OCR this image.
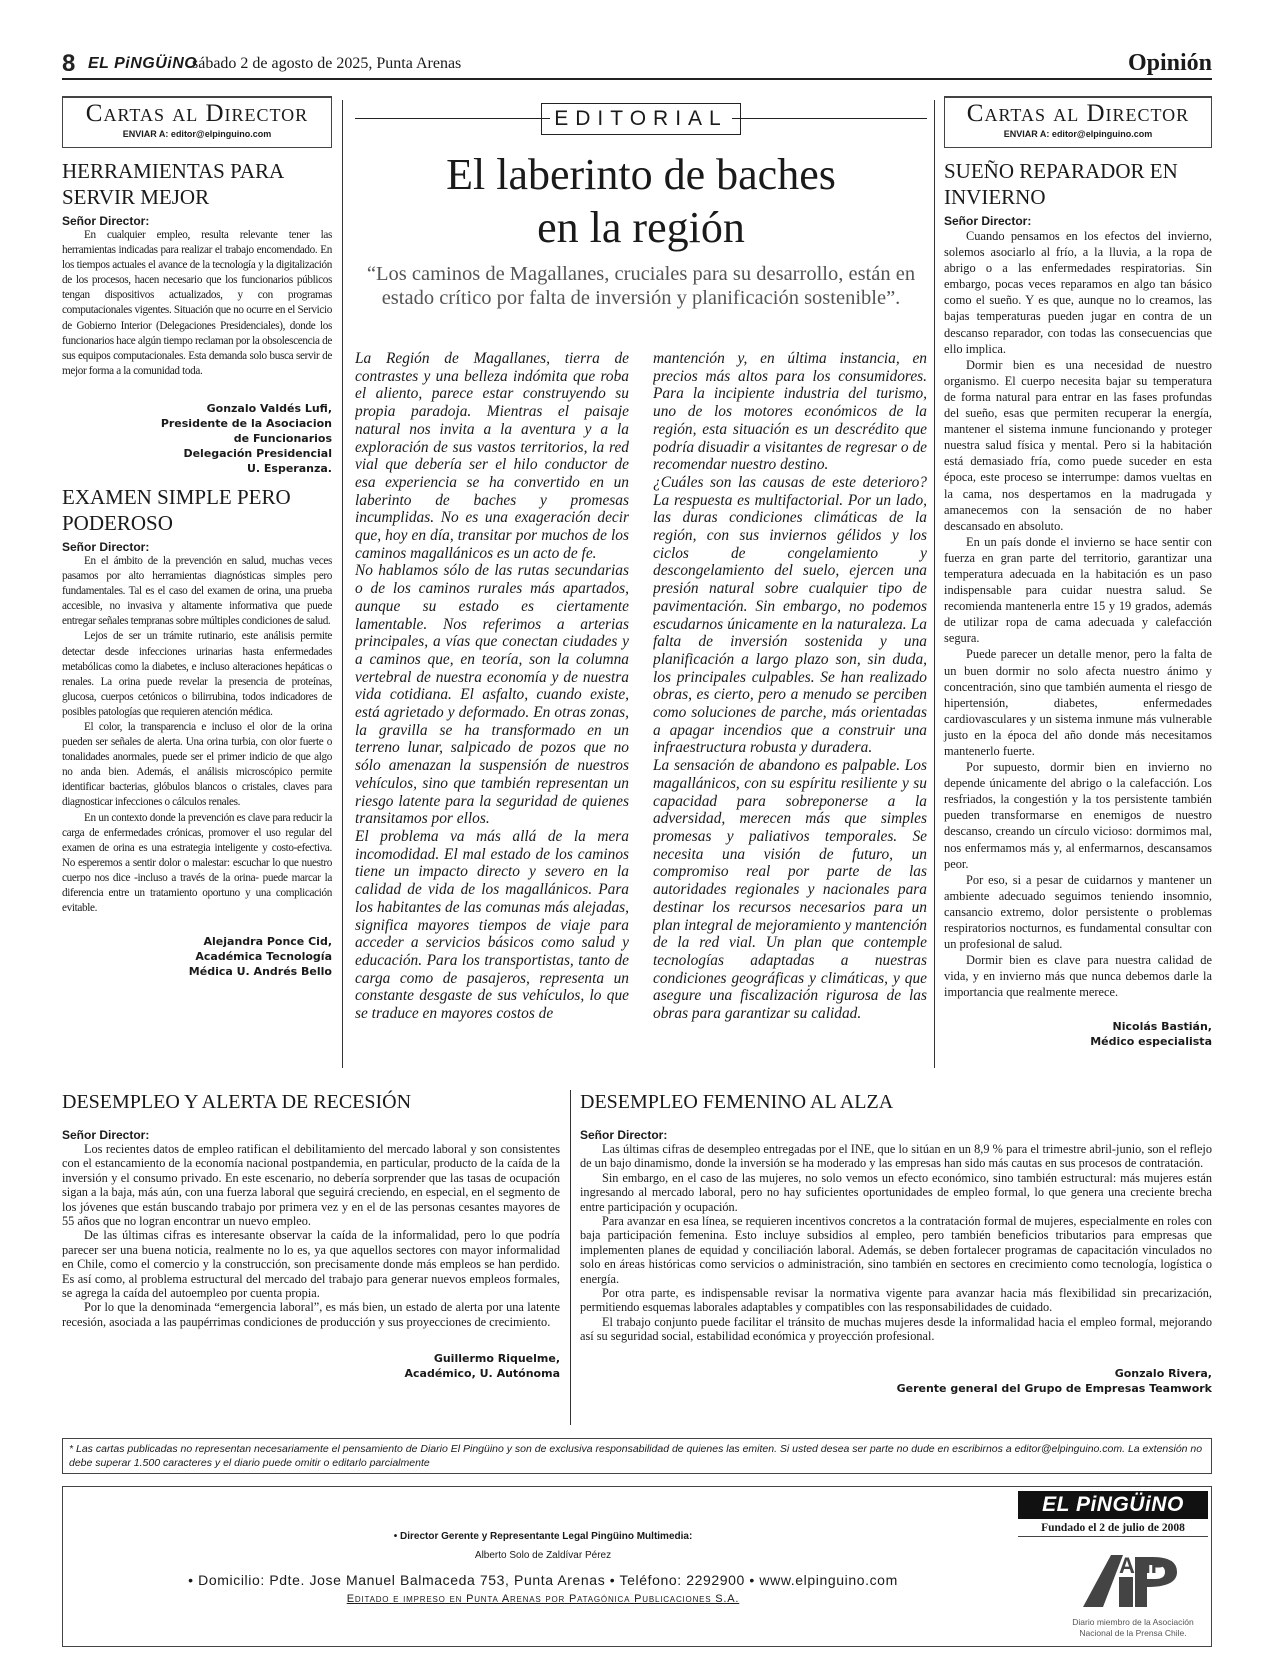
8 EL PiNGÜiNO
sábado 2 de agosto de 2025, Punta Arenas	Opinión
Cartas al Director
ENVIAR A: editor@elpinguino.com
HERRAMIENTAS PARA SERVIR MEJOR
Señor Director:

En cualquier empleo, resulta relevante tener las herramientas indicadas para realizar el trabajo encomendado. En los tiempos actuales el avance de la tecnología y la digitalización de los procesos, hacen necesario que los funcionarios públicos tengan dispositivos actualizados, y con programas computacionales vigentes. Situación que no ocurre en el Servicio de Gobierno Interior (Delegaciones Presidenciales), donde los funcionarios hace algún tiempo reclaman por la obsolescencia de sus equipos computacionales. Esta demanda solo busca servir de mejor forma a la comunidad toda.

Gonzalo Valdés Lufi,
Presidente de la Asociacion
de Funcionarios
Delegación Presidencial
U. Esperanza.
EXAMEN SIMPLE PERO PODEROSO
Señor Director:

En el ámbito de la prevención en salud, muchas veces pasamos por alto herramientas diagnósticas simples pero fundamentales. Tal es el caso del examen de orina, una prueba accesible, no invasiva y altamente informativa que puede entregar señales tempranas sobre múltiples condiciones de salud.

Lejos de ser un trámite rutinario, este análisis permite detectar desde infecciones urinarias hasta enfermedades metabólicas como la diabetes, e incluso alteraciones hepáticas o renales. La orina puede revelar la presencia de proteínas, glucosa, cuerpos cetónicos o bilirrubina, todos indicadores de posibles patologías que requieren atención médica.

El color, la transparencia e incluso el olor de la orina pueden ser señales de alerta. Una orina turbia, con olor fuerte o tonalidades anormales, puede ser el primer indicio de que algo no anda bien. Además, el análisis microscópico permite identificar bacterias, glóbulos blancos o cristales, claves para diagnosticar infecciones o cálculos renales.

En un contexto donde la prevención es clave para reducir la carga de enfermedades crónicas, promover el uso regular del examen de orina es una estrategia inteligente y costo-efectiva. No esperemos a sentir dolor o malestar: escuchar lo que nuestro cuerpo nos dice -incluso a través de la orina- puede marcar la diferencia entre un tratamiento oportuno y una complicación evitable.

Alejandra Ponce Cid,
Académica Tecnología
Médica U. Andrés Bello
EDITORIAL
El laberinto de baches
en la región
“Los caminos de Magallanes, cruciales para su desarrollo, están en estado crítico por falta de inversión y planificación sostenible”.

La Región de Magallanes, tierra de contrastes y una belleza indómita que roba el aliento, parece estar construyendo su propia paradoja. Mientras el paisaje natural nos invita a la aventura y a la exploración de sus vastos territorios, la red vial que debería ser el hilo conductor de esa experiencia se ha convertido en un laberinto de baches y promesas incumplidas. No es una exageración decir que, hoy en día, transitar por muchos de los caminos magallánicos es un acto de fe.

No hablamos sólo de las rutas secundarias o de los caminos rurales más apartados, aunque su estado es ciertamente lamentable. Nos referimos a arterias principales, a vías que conectan ciudades y a caminos que, en teoría, son la columna vertebral de nuestra economía y de nuestra vida cotidiana. El asfalto, cuando existe, está agrietado y deformado. En otras zonas, la gravilla se ha transformado en un terreno lunar, salpicado de pozos que no sólo amenazan la suspensión de nuestros vehículos, sino que también representan un riesgo latente para la seguridad de quienes transitamos por ellos.

El problema va más allá de la mera incomodidad. El mal estado de los caminos tiene un impacto directo y severo en la calidad de vida de los magallánicos. Para los habitantes de las comunas más alejadas, significa mayores tiempos de viaje para acceder a servicios básicos como salud y educación. Para los transportistas, tanto de carga como de pasajeros, representa un constante desgaste de sus vehículos, lo que se traduce en mayores costos de

mantención y, en última instancia, en precios más altos para los consumidores. Para la incipiente industria del turismo, uno de los motores económicos de la región, esta situación es un descrédito que podría disuadir a visitantes de regresar o de recomendar nuestro destino.

¿Cuáles son las causas de este deterioro? La respuesta es multifactorial. Por un lado, las duras condiciones climáticas de la región, con sus inviernos gélidos y los ciclos de congelamiento y descongelamiento del suelo, ejercen una presión natural sobre cualquier tipo de pavimentación. Sin embargo, no podemos escudarnos únicamente en la naturaleza. La falta de inversión sostenida y una planificación a largo plazo son, sin duda, los principales culpables. Se han realizado obras, es cierto, pero a menudo se perciben como soluciones de parche, más orientadas a apagar incendios que a construir una infraestructura robusta y duradera.

La sensación de abandono es palpable. Los magallánicos, con su espíritu resiliente y su capacidad para sobreponerse a la adversidad, merecen más que simples promesas y paliativos temporales. Se necesita una visión de futuro, un compromiso real por parte de las autoridades regionales y nacionales para destinar los recursos necesarios para un plan integral de mejoramiento y mantención de la red vial. Un plan que contemple tecnologías adaptadas a nuestras condiciones geográficas y climáticas, y que asegure una fiscalización rigurosa de las obras para garantizar su calidad.

Cartas al Director
ENVIAR A: editor@elpinguino.com
SUEÑO REPARADOR EN INVIERNO
Señor Director:

Cuando pensamos en los efectos del invierno, solemos asociarlo al frío, a la lluvia, a la ropa de abrigo o a las enfermedades respiratorias. Sin embargo, pocas veces reparamos en algo tan básico como el sueño. Y es que, aunque no lo creamos, las bajas temperaturas pueden jugar en contra de un descanso reparador, con todas las consecuencias que ello implica.

Dormir bien es una necesidad de nuestro organismo. El cuerpo necesita bajar su temperatura de forma natural para entrar en las fases profundas del sueño, esas que permiten recuperar la energía, mantener el sistema inmune funcionando y proteger nuestra salud física y mental. Pero si la habitación está demasiado fría, como puede suceder en esta época, este proceso se interrumpe: damos vueltas en la cama, nos despertamos en la madrugada y amanecemos con la sensación de no haber descansado en absoluto.

En un país donde el invierno se hace sentir con fuerza en gran parte del territorio, garantizar una temperatura adecuada en la habitación es un paso indispensable para cuidar nuestra salud. Se recomienda mantenerla entre 15 y 19 grados, además de utilizar ropa de cama adecuada y calefacción segura.

Puede parecer un detalle menor, pero la falta de un buen dormir no solo afecta nuestro ánimo y concentración, sino que también aumenta el riesgo de hipertensión, diabetes, enfermedades cardiovasculares y un sistema inmune más vulnerable justo en la época del año donde más necesitamos mantenerlo fuerte.

Por supuesto, dormir bien en invierno no depende únicamente del abrigo o la calefacción. Los resfriados, la congestión y la tos persistente también pueden transformarse en enemigos de nuestro descanso, creando un círculo vicioso: dormimos mal, nos enfermamos más y, al enfermarnos, descansamos peor.

Por eso, si a pesar de cuidarnos y mantener un ambiente adecuado seguimos teniendo insomnio, cansancio extremo, dolor persistente o problemas respiratorios nocturnos, es fundamental consultar con un profesional de salud.

Dormir bien es clave para nuestra calidad de vida, y en invierno más que nunca debemos darle la importancia que realmente merece.

Nicolás Bastián,
Médico especialista
DESEMPLEO Y ALERTA DE RECESIÓN
Señor Director:

Los recientes datos de empleo ratifican el debilitamiento del mercado laboral y son consistentes con el estancamiento de la economía nacional postpandemia, en particular, producto de la caída de la inversión y el consumo privado. En este escenario, no debería sorprender que las tasas de ocupación sigan a la baja, más aún, con una fuerza laboral que seguirá creciendo, en especial, en el segmento de los jóvenes que están buscando trabajo por primera vez y en el de las personas cesantes mayores de 55 años que no logran encontrar un nuevo empleo.

De las últimas cifras es interesante observar la caída de la informalidad, pero lo que podría parecer ser una buena noticia, realmente no lo es, ya que aquellos sectores con mayor informalidad en Chile, como el comercio y la construcción, son precisamente donde más empleos se han perdido. Es así como, al problema estructural del mercado del trabajo para generar nuevos empleos formales, se agrega la caída del autoempleo por cuenta propia.

Por lo que la denominada “emergencia laboral”, es más bien, un estado de alerta por una latente recesión, asociada a las paupérrimas condiciones de producción y sus proyecciones de crecimiento.

Guillermo Riquelme,
Académico, U. Autónoma
DESEMPLEO FEMENINO AL ALZA
Señor Director:

Las últimas cifras de desempleo entregadas por el INE, que lo sitúan en un 8,9 % para el trimestre abril-junio, son el reflejo de un bajo dinamismo, donde la inversión se ha moderado y las empresas han sido más cautas en sus procesos de contratación.

Sin embargo, en el caso de las mujeres, no solo vemos un efecto económico, sino también estructural: más mujeres están ingresando al mercado laboral, pero no hay suficientes oportunidades de empleo formal, lo que genera una creciente brecha entre participación y ocupación.

Para avanzar en esa línea, se requieren incentivos concretos a la contratación formal de mujeres, especialmente en roles con baja participación femenina. Esto incluye subsidios al empleo, pero también beneficios tributarios para empresas que implementen planes de equidad y conciliación laboral. Además, se deben fortalecer programas de capacitación vinculados no solo en áreas históricas como servicios o administración, sino también en sectores en crecimiento como tecnología, logística o energía.

Por otra parte, es indispensable revisar la normativa vigente para avanzar hacia más flexibilidad sin precarización, permitiendo esquemas laborales adaptables y compatibles con las responsabilidades de cuidado.

El trabajo conjunto puede facilitar el tránsito de muchas mujeres desde la informalidad hacia el empleo formal, mejorando así su seguridad social, estabilidad económica y proyección profesional.

Gonzalo Rivera,
Gerente general del Grupo de Empresas Teamwork
* Las cartas publicadas no representan necesariamente el pensamiento de Diario El Pingüino y son de exclusiva responsabilidad de quienes las emiten. Si usted desea ser parte no dude en escribirnos a editor@elpinguino.com. La extensión no debe superar 1.500 caracteres y el diario puede omitir o editarlo parcialmente
• Director Gerente y Representante Legal Pingüino Multimedia:
Alberto Solo de Zaldívar Pérez
• Domicilio: Pdte. Jose Manuel Balmaceda 753, Punta Arenas • Teléfono: 2292900 • www.elpinguino.com
Editado e impreso en Punta Arenas por Patagónica Publicaciones S.A.
EL PiNGÜiNO
Fundado el 2 de julio de 2008
ANP
Diario miembro de la Asociación Nacional de la Prensa Chile.
